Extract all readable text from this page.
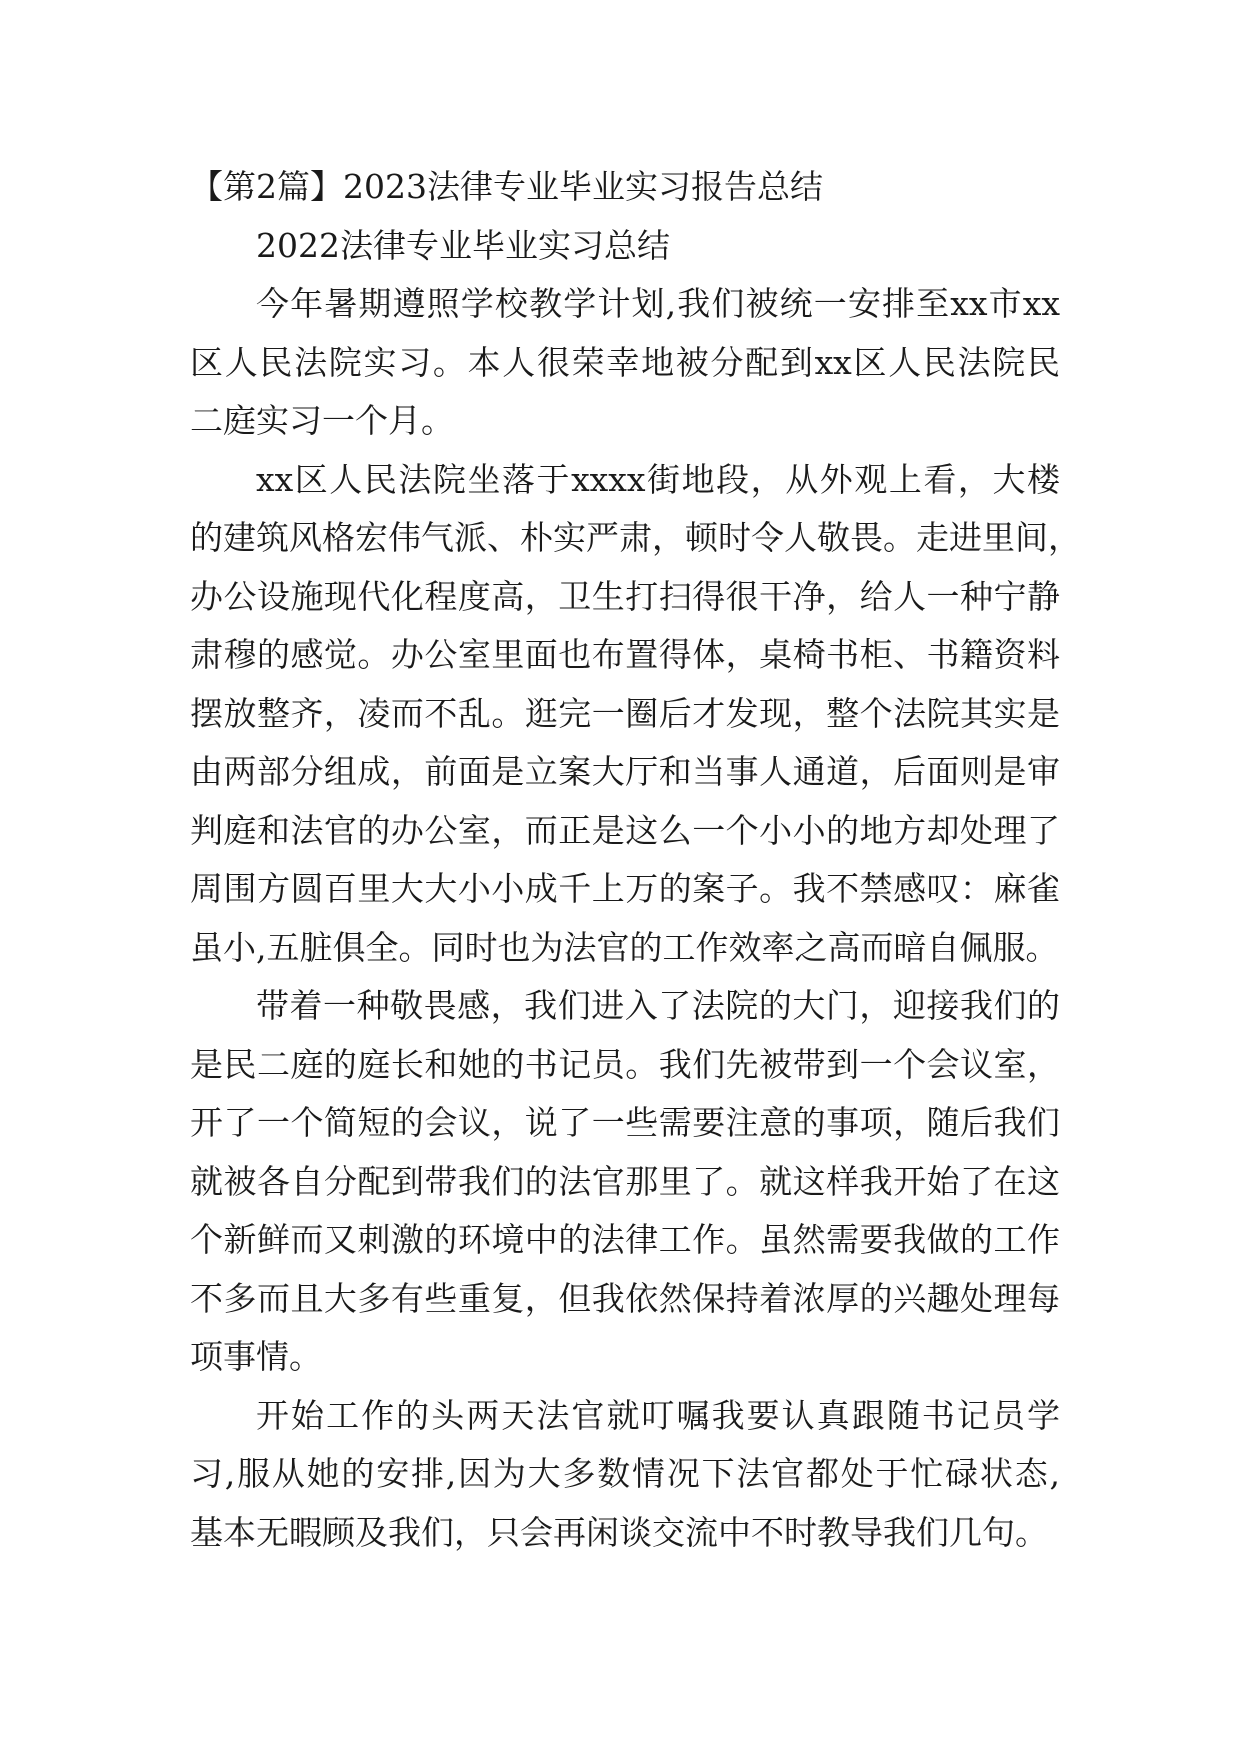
【第2篇】2023法律专业毕业实习报告总结
2022法律专业毕业实习总结
今年暑期遵照学校教学计划,我们被统一安排至xx市xx
区人民法院实习。本人很荣幸地被分配到xx区人民法院民
二庭实习一个月。
xx区人民法院坐落于xxxx街地段，从外观上看，大楼
的建筑风格宏伟气派、朴实严肃，顿时令人敬畏。走进里间，
办公设施现代化程度高，卫生打扫得很干净，给人一种宁静
肃穆的感觉。办公室里面也布置得体，桌椅书柜、书籍资料
摆放整齐，凌而不乱。逛完一圈后才发现，整个法院其实是
由两部分组成，前面是立案大厅和当事人通道，后面则是审
判庭和法官的办公室，而正是这么一个小小的地方却处理了
周围方圆百里大大小小成千上万的案子。我不禁感叹：麻雀
虽小,五脏俱全。同时也为法官的工作效率之高而暗自佩服。
带着一种敬畏感，我们进入了法院的大门，迎接我们的
是民二庭的庭长和她的书记员。我们先被带到一个会议室，
开了一个简短的会议，说了一些需要注意的事项，随后我们
就被各自分配到带我们的法官那里了。就这样我开始了在这
个新鲜而又刺激的环境中的法律工作。虽然需要我做的工作
不多而且大多有些重复，但我依然保持着浓厚的兴趣处理每
项事情。
开始工作的头两天法官就叮嘱我要认真跟随书记员学
习,服从她的安排,因为大多数情况下法官都处于忙碌状态,
基本无暇顾及我们，只会再闲谈交流中不时教导我们几句。
